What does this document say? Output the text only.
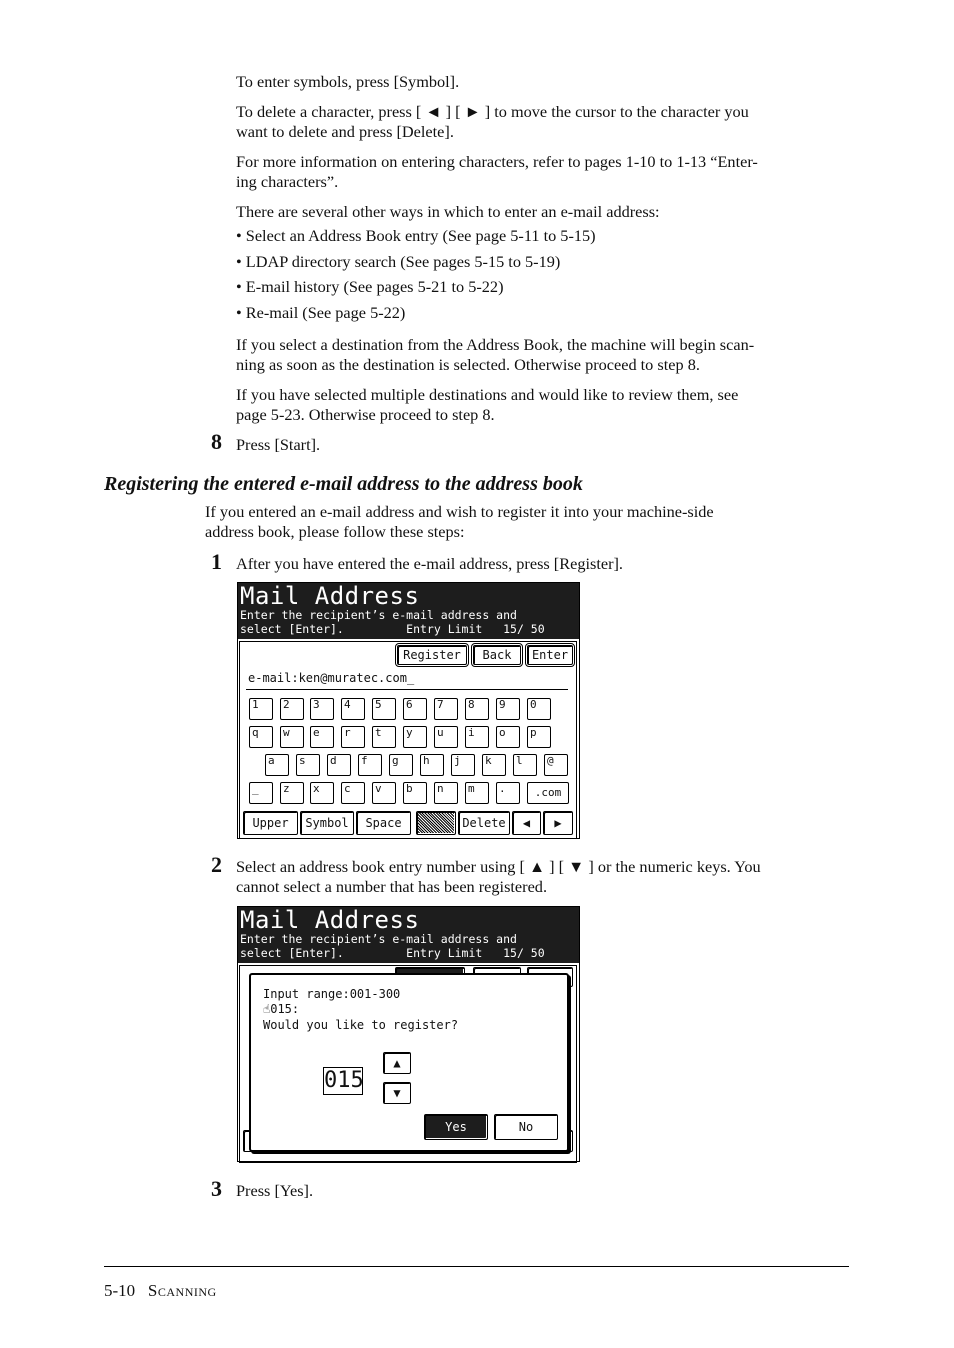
To enter symbols, press [Symbol].
To delete a character, press [ ◄ ] [ ► ] to move the cursor to the character you
want to delete and press [Delete].
For more information on entering characters, refer to pages 1-10 to 1-13 “Enter-
ing characters”.
There are several other ways in which to enter an e-mail address:
• Select an Address Book entry (See page 5-11 to 5-15)
• LDAP directory search (See pages 5-15 to 5-19)
• E-mail history (See pages 5-21 to 5-22)
• Re-mail (See page 5-22)
If you select a destination from the Address Book, the machine will begin scan-
ning as soon as the destination is selected. Otherwise proceed to step 8.
If you have selected multiple destinations and would like to review them, see
page 5-23. Otherwise proceed to step 8.
8 Press [Start].
Registering the entered e-mail address to the address book
If you entered an e-mail address and wish to register it into your machine-side
address book, please follow these steps:
1 After you have entered the e-mail address, press [Register].
Mail Address
Enter the recipient’s e-mail address and
select [Enter].         Entry Limit   15/ 50
Register	Back	Enter
e-mail:ken@muratec.com_
1	2	3	4	5	6	7	8	9	0
q	w	e	r	t	y	u	i	o	p
a	s	d	f	g	h	j	k	l	@
_	z	x	c	v	b	n	m	.	.com
Upper	Symbol	Space	Delete	◀	▶
2 Select an address book entry number using [ ▲ ] [ ▼ ] or the numeric keys. You
cannot select a number that has been registered.
Mail Address
Enter the recipient’s e-mail address and
select [Enter].         Entry Limit   15/ 50
Input range:001-300
☝015:
Would you like to register?
015
▲
▼
Yes	No
3 Press [Yes].
5-10 Scanning
